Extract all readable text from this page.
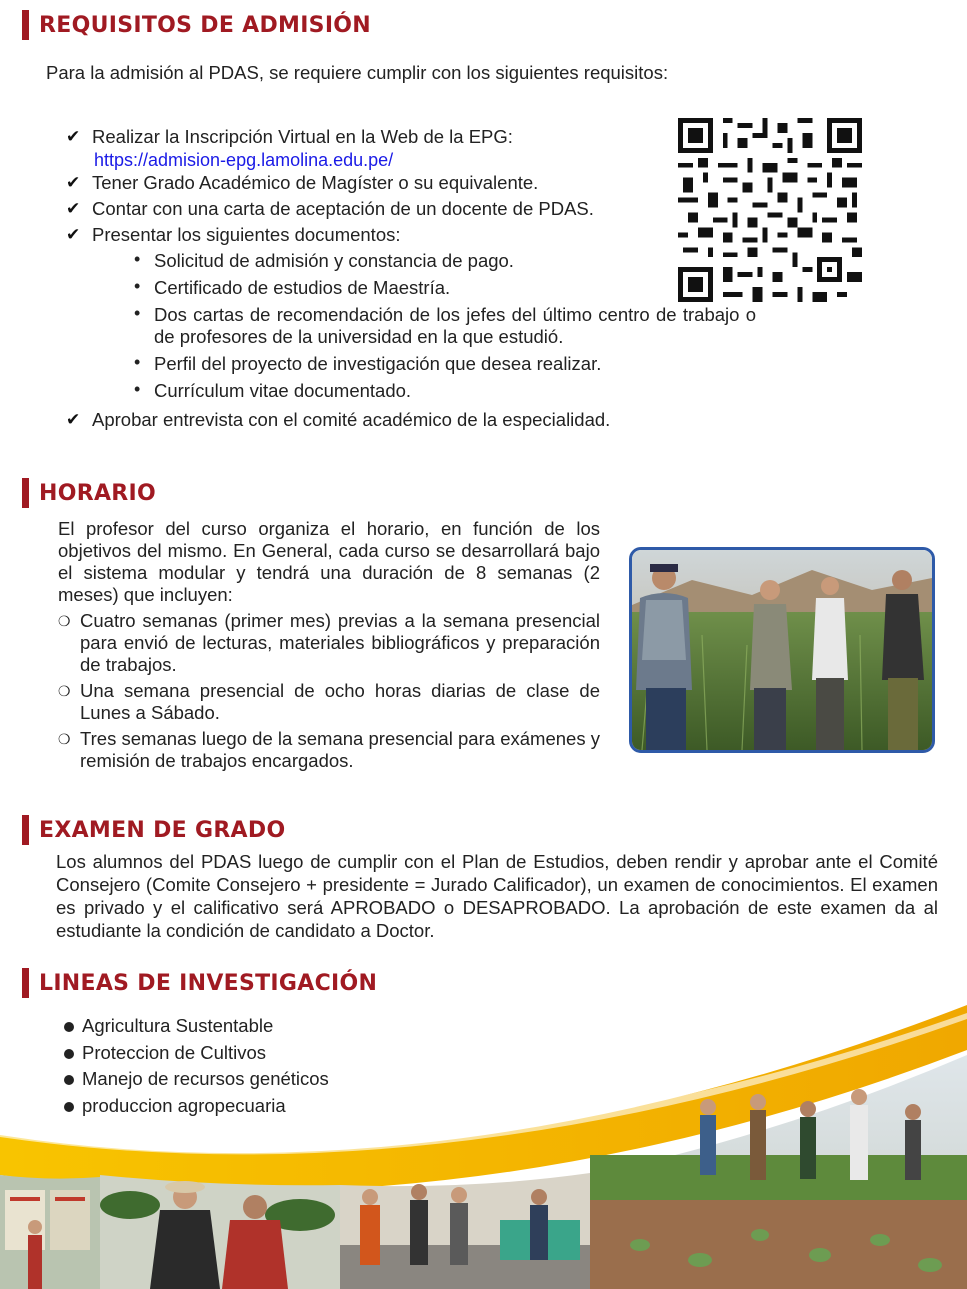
REQUISITOS DE ADMISIÓN
Para la admisión al PDAS, se requiere cumplir con los siguientes requisitos:
✔ Realizar la Inscripción Virtual en la Web de la EPG:
https://admision-epg.lamolina.edu.pe/
✔ Tener Grado Académico de Magíster o su equivalente.
✔ Contar con una carta de aceptación de un docente de PDAS.
✔ Presentar los siguientes documentos:
• Solicitud de admisión y constancia de pago.
• Certificado de estudios de Maestría.
• Dos cartas de recomendación de los jefes del último centro de trabajo o de profesores de la universidad en la que estudió.
• Perfil del proyecto de investigación que desea realizar.
• Currículum vitae documentado.
✔ Aprobar entrevista con el comité académico de la especialidad.
HORARIO
El profesor del curso organiza el horario, en función de los objetivos del mismo. En General, cada curso se desarrollará bajo el sistema modular y tendrá una duración de 8 semanas (2 meses) que incluyen:
❍ Cuatro semanas (primer mes) previas a la semana presencial para envió de lecturas, materiales bibliográficos y preparación de trabajos.
❍ Una semana presencial de ocho horas diarias de clase de Lunes a Sábado.
❍ Tres semanas luego de la semana presencial para exámenes y remisión de trabajos encargados.
EXAMEN DE GRADO
Los alumnos del PDAS luego de cumplir con el Plan de Estudios, deben rendir y aprobar ante el Comité Consejero (Comite Consejero + presidente = Jurado Calificador), un examen de conocimientos. El examen es privado y el calificativo será APROBADO o DESAPROBADO. La aprobación de este examen da al estudiante la condición de candidato a Doctor.
LINEAS DE INVESTIGACIÓN
Agricultura Sustentable
Proteccion de Cultivos
Manejo de recursos genéticos
produccion agropecuaria
